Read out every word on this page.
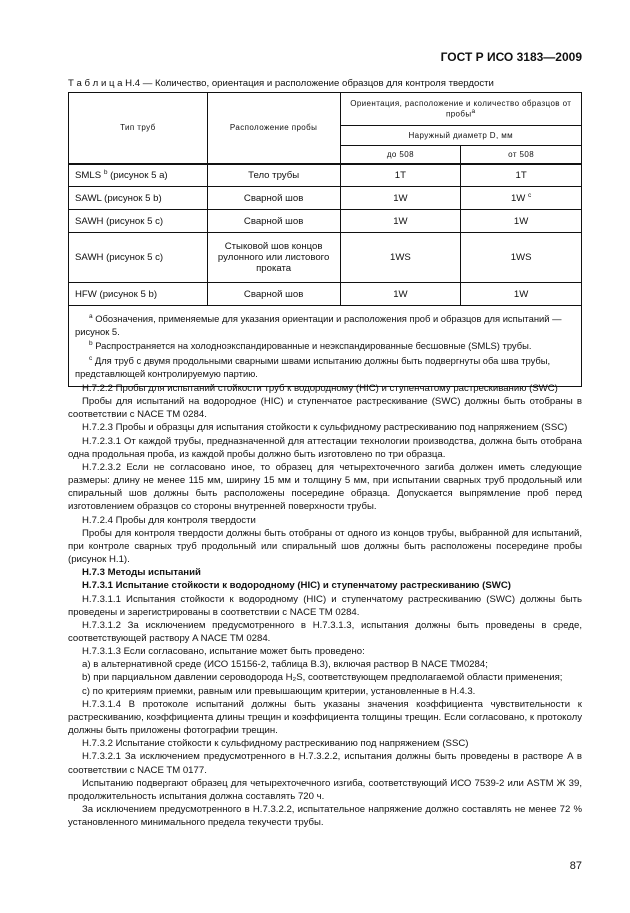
ГОСТ Р ИСО 3183—2009
Т а б л и ц а Н.4 — Количество, ориентация и расположение образцов для контроля твердости
Тип труб	Расположение пробы	Ориентация, расположение и количество образцов от пробы$^a$
		Наружный диаметр D, мм	
		до 508	от 508
SMLS $^b$ (рисунок 5 a)	Тело трубы	1T	1T
SAWL (рисунок 5 b)	Сварной шов	1W	1W $^c$
SAWH (рисунок 5 c)	Сварной шов	1W	1W
SAWH (рисунок 5 c)	Стыковой шов концов рулонного или листового проката	1WS	1WS
HFW (рисунок 5 b)	Сварной шов	1W	1W

$^a$ Обозначения, применяемые для указания ориентации и расположения проб и образцов для испытаний — рисунок 5.

$^b$ Распространяется на холодноэкспандированные и неэкспандированные бесшовные (SMLS) трубы.

$^c$ Для труб с двумя продольными сварными швами испытанию должны быть подвергнуты оба шва трубы, представлющей контролируемую партию.			

Н.7.2.2 Пробы для испытаний стойкости труб к водородному (HIC) и ступенчатому растрескиванию (SWC)

Пробы для испытаний на водородное (HIC) и ступенчатое растрескивание (SWC) должны быть отобраны в соответствии с NACE TM 0284.

Н.7.2.3 Пробы и образцы для испытания стойкости к сульфидному растрескиванию под напряжением (SSC)

Н.7.2.3.1 От каждой трубы, предназначенной для аттестации технологии производства, должна быть отобрана одна продольная проба, из каждой пробы должно быть изготовлено по три образца.

Н.7.2.3.2 Если не согласовано иное, то образец для четырехточечного загиба должен иметь следующие размеры: длину не менее 115 мм, ширину 15 мм и толщину 5 мм, при испытании сварных труб продольный или спиральный шов должны быть расположены посередине образца. Допускается выпрямление проб перед изготовлением образцов со стороны внутренней поверхности трубы.

Н.7.2.4 Пробы для контроля твердости

Пробы для контроля твердости должны быть отобраны от одного из концов трубы, выбранной для испытаний, при контроле сварных труб продольный или спиральный шов должны быть расположены посередине пробы (рисунок Н.1).

Н.7.3 Методы испытаний

Н.7.3.1 Испытание стойкости к водородному (HIC) и ступенчатому растрескиванию (SWC)

Н.7.3.1.1 Испытания стойкости к водородному (HIC) и ступенчатому растрескиванию (SWC) должны быть проведены и зарегистрированы в соответствии с NACE TM 0284.

Н.7.3.1.2 За исключением предусмотренного в Н.7.3.1.3, испытания должны быть проведены в среде, соответствующей раствору A NACE TM 0284.

Н.7.3.1.3 Если согласовано, испытание может быть проведено:

a) в альтернативной среде (ИСО 15156-2, таблица В.3), включая раствор B NACE TM0284;

b) при парциальном давлении сероводорода H₂S, соответствующем предполагаемой области применения;

c) по критериям приемки, равным или превышающим критерии, установленные в Н.4.3.

Н.7.3.1.4 В протоколе испытаний должны быть указаны значения коэффициента чувствительности к растрескиванию, коэффициента длины трещин и коэффициента толщины трещин. Если согласовано, к протоколу должны быть приложены фотографии трещин.

Н.7.3.2 Испытание стойкости к сульфидному растрескиванию под напряжением (SSC)

Н.7.3.2.1 За исключением предусмотренного в Н.7.3.2.2, испытания должны быть проведены в растворе A в соответствии с NACE TM 0177.

Испытанию подвергают образец для четырехточечного изгиба, соответствующий ИСО 7539-2 или ASTM Ж 39, продолжительность испытания должна составлять 720 ч.

За исключением предусмотренного в Н.7.3.2.2, испытательное напряжение должно составлять не менее 72 % установленного минимального предела текучести трубы.

87
